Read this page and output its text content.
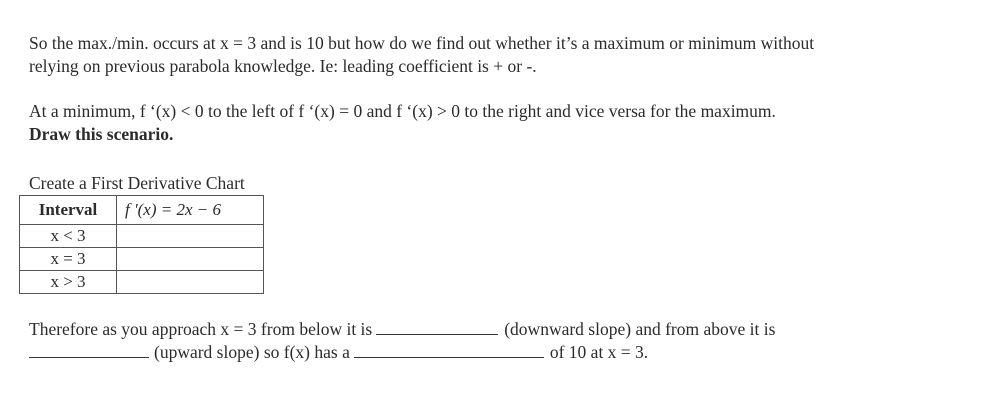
So the max./min. occurs at x = 3 and is 10 but how do we find out whether it’s a maximum or minimum without
relying on previous parabola knowledge. Ie: leading coefficient is + or -.
At a minimum, f ‘(x) < 0 to the left of f ‘(x) = 0 and f ‘(x) > 0 to the right and vice versa for the maximum.
Draw this scenario.
Create a First Derivative Chart
Interval	f '(x) = 2x − 6
x < 3	
x = 3	
x > 3	
Therefore as you approach x = 3 from below it is	(downward slope) and from above it is
(upward slope) so f(x) has a	of 10 at x = 3.
